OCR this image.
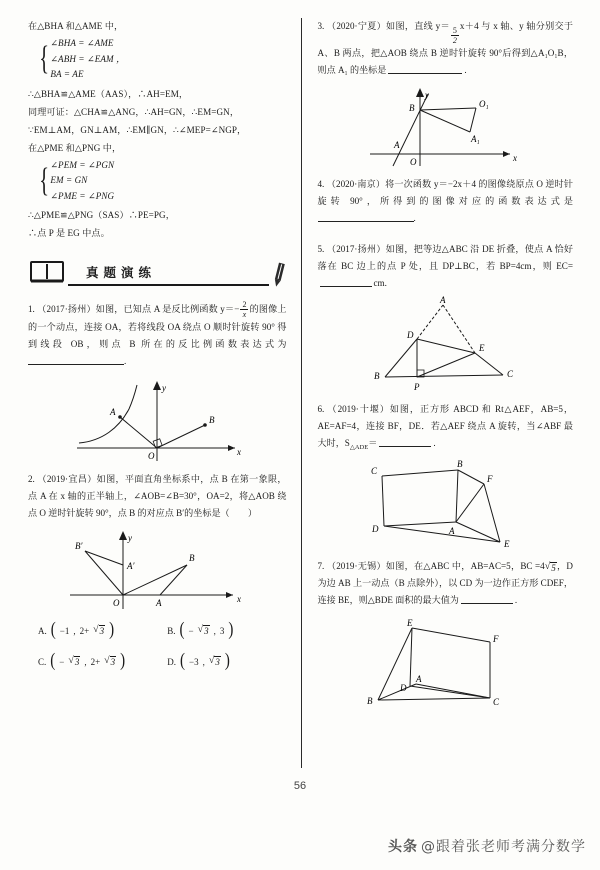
在△BHA 和△AME 中，

{ ∠BHA = ∠AME

∠ABH = ∠EAM ，

BA = AE

∴△BHA≌△AME（AAS），∴AH=EM，

同理可证：△CHA≌△ANG，∴AH=GN，∴EM=GN，

∵EM⊥AM，GN⊥AM，∴EM∥GN，∴∠MEP=∠NGP，

在△PME 和△PNG 中，

{ ∠PEM = ∠PGN

EM = GN

∠PME = ∠PNG

∴△PME≌△PNG（SAS）∴PE=PG，

∴点 P 是 EG 中点。

真题演练

1. （2017·扬州）如图，已知点 A 是反比例函数 $y=- \frac{2}{x}$ 的图像上的一个动点，连接 OA，若将线段 OA 绕点 O 顺时针旋转 90° 得到线段 OB，则点 B 所在的反比例函数表达式为 .

A
B
O	x
y

2. （2019·宜昌）如图，平面直角坐标系中，点 B 在第一象限，点 A 在 x 轴的正半轴上，∠AOB=∠B=30°，OA=2，将△AOB 绕点 O 逆时针旋转 90°，点 B 的对应点 B′的坐标是（　　）

B′
A′
B
A
O	x
y
A. ( −1 , 2+ √ 3 )	B. ( − √ 3 , 3 )
C. ( − √ 3 , 2+ √ 3 )	D. ( −3 , √ 3 )

3. （2020·宁夏）如图，直线 $y= \frac{5}{2} x+4$ 与 x 轴、y 轴分别交于 A、B 两点，把△AOB 绕点 B 逆时针旋转 90°后得到△A₁O₁B，则点 A₁ 的坐标是	.

B	O₁
A₁
A
O	x
y

4. （2020·南京）将一次函数 y＝−2x＋4 的图像绕原点 O 逆时针旋转 90°，所得到的图像对应的函数表达式是 .

5. （2017·扬州）如图，把等边△ABC 沿 DE 折叠，使点 A 恰好落在 BC 边上的点 P 处，且 DP⊥BC，若 BP=4cm，则 EC=cm.

A
D
E
B
P
C

6. （2019·十堰）如图，正方形 ABCD 和 Rt△AEF，AB=5，AE=AF=4，连接 BF，DE．若△AEF 绕点 A 旋转，当∠ABF 最大时，$S_{\triangle ADE}=$	.

C
B
F
D	A
E

7. （2019·无锡）如图，在△ABC 中，AB=AC=5，BC =4 √ 5 ，D 为边 AB 上一动点（B 点除外），以 CD 为一边作正方形 CDEF，连接 BE，则△BDE 面积的最大值为	.

E
F
A
D
B	C
56
头条 @跟着张老师考满分数学
